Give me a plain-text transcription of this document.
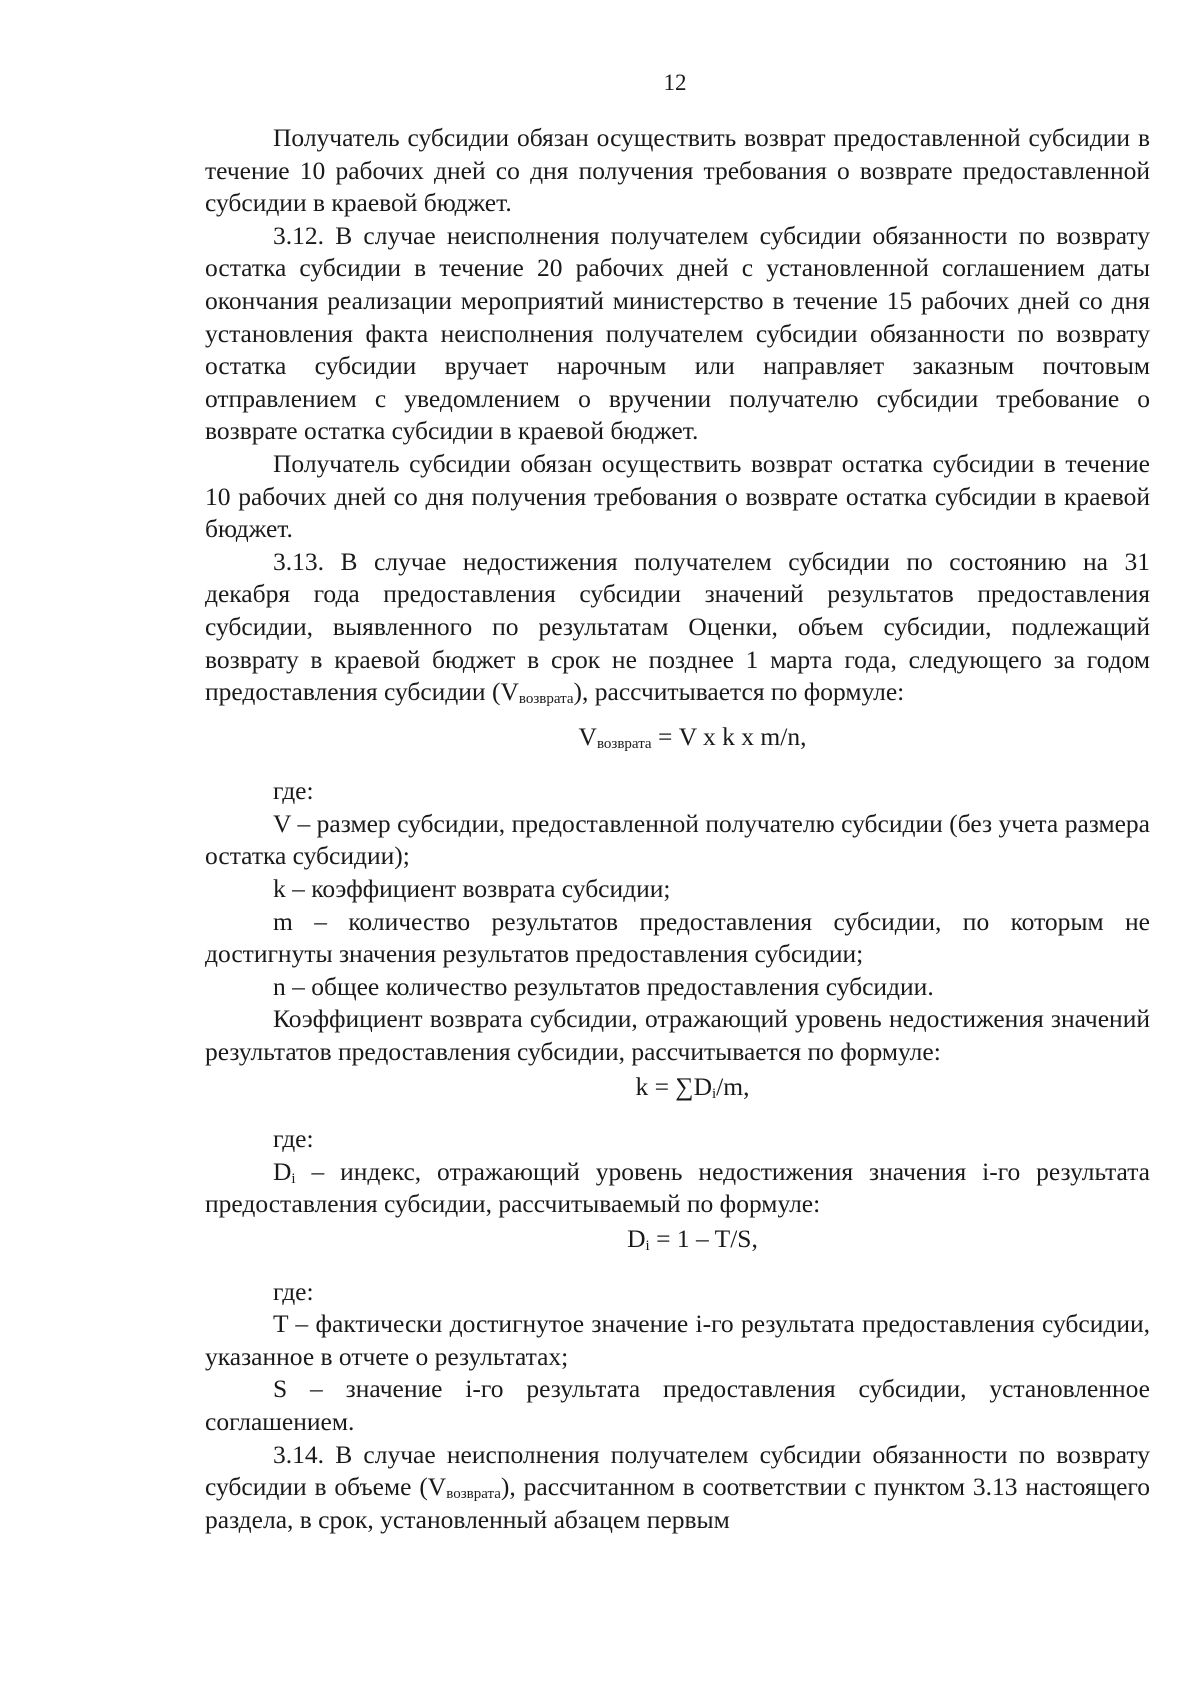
12

Получатель субсидии обязан осуществить возврат предоставленной субсидии в течение 10 рабочих дней со дня получения требования о возврате предоставленной субсидии в краевой бюджет.

3.12. В случае неисполнения получателем субсидии обязанности по возврату остатка субсидии в течение 20 рабочих дней с установленной соглашением даты окончания реализации мероприятий министерство в течение 15 рабочих дней со дня установления факта неисполнения получателем субсидии обязанности по возврату остатка субсидии вручает нарочным или направляет заказным почтовым отправлением с уведомлением о вручении получателю субсидии требование о возврате остатка субсидии в краевой бюджет.

Получатель субсидии обязан осуществить возврат остатка субсидии в течение 10 рабочих дней со дня получения требования о возврате остатка субсидии в краевой бюджет.

3.13. В случае недостижения получателем субсидии по состоянию на 31 декабря года предоставления субсидии значений результатов предоставления субсидии, выявленного по результатам Оценки, объем субсидии, подлежащий возврату в краевой бюджет в срок не позднее 1 марта года, следующего за годом предоставления субсидии $(V_{возврата})$, рассчитывается по формуле:

$V_{возврата} = V$ x k x m/n,

где:

V – размер субсидии, предоставленной получателю субсидии (без учета размера остатка субсидии);

k – коэффициент возврата субсидии;

m – количество результатов предоставления субсидии, по которым не достигнуты значения результатов предоставления субсидии;

n – общее количество результатов предоставления субсидии.

Коэффициент возврата субсидии, отражающий уровень недостижения значений результатов предоставления субсидии, рассчитывается по формуле:

$k = \sum D_i/m$,

где:

$D_i$ – индекс, отражающий уровень недостижения значения i-го результата предоставления субсидии, рассчитываемый по формуле:

$D_i = 1 - T/S$,

где:

T – фактически достигнутое значение i-го результата предоставления субсидии, указанное в отчете о результатах;

S – значение i-го результата предоставления субсидии, установленное соглашением.

3.14. В случае неисполнения получателем субсидии обязанности по возврату субсидии в объеме $(V_{возврата})$, рассчитанном в соответствии с пунктом 3.13 настоящего раздела, в срок, установленный абзацем первым
